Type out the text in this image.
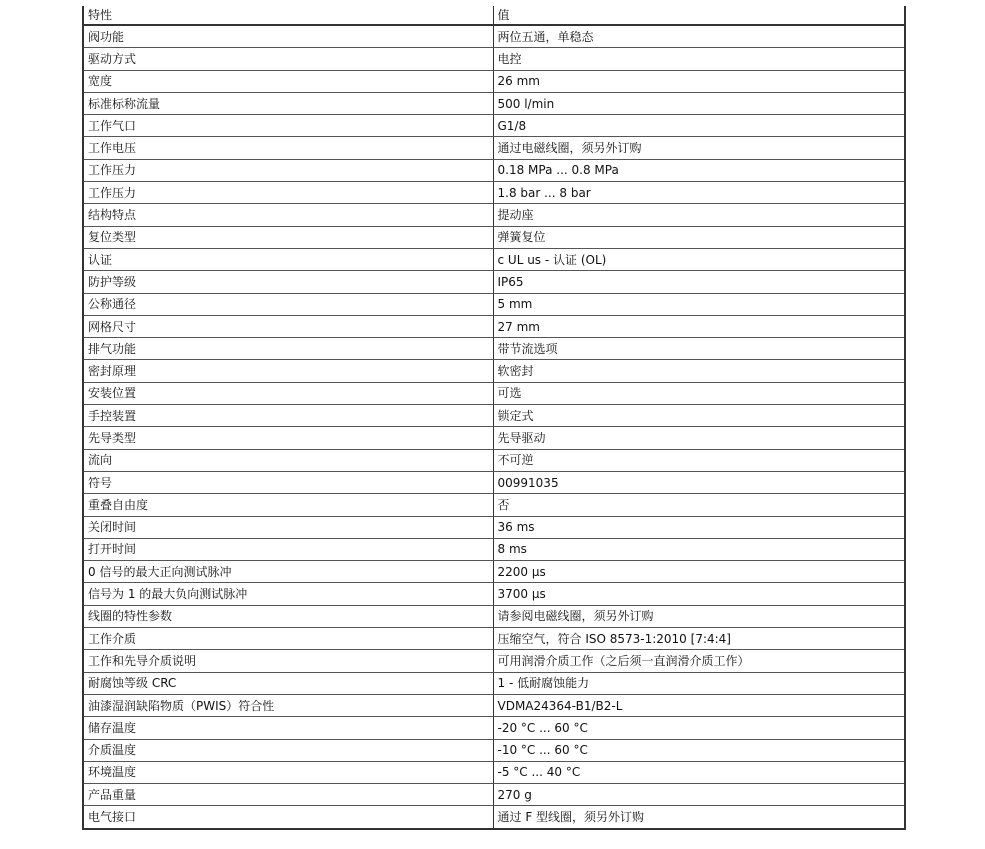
特性	值
阀功能	两位五通，单稳态
驱动方式	电控
宽度	26 mm
标准标称流量	500 l/min
工作气口	G1/8
工作电压	通过电磁线圈，须另外订购
工作压力	0.18 MPa ... 0.8 MPa
工作压力	1.8 bar ... 8 bar
结构特点	提动座
复位类型	弹簧复位
认证	c UL us - 认证 (OL)
防护等级	IP65
公称通径	5 mm
网格尺寸	27 mm
排气功能	带节流选项
密封原理	软密封
安装位置	可选
手控装置	锁定式
先导类型	先导驱动
流向	不可逆
符号	00991035
重叠自由度	否
关闭时间	36 ms
打开时间	8 ms
0 信号的最大正向测试脉冲	2200 µs
信号为 1 的最大负向测试脉冲	3700 µs
线圈的特性参数	请参阅电磁线圈，须另外订购
工作介质	压缩空气，符合 ISO 8573-1:2010 [7:4:4]
工作和先导介质说明	可用润滑介质工作（之后须一直润滑介质工作）
耐腐蚀等级 CRC	1 - 低耐腐蚀能力
油漆湿润缺陷物质（PWIS）符合性	VDMA24364-B1/B2-L
储存温度	-20 °C ... 60 °C
介质温度	-10 °C ... 60 °C
环境温度	-5 °C ... 40 °C
产品重量	270 g
电气接口	通过 F 型线圈，须另外订购
